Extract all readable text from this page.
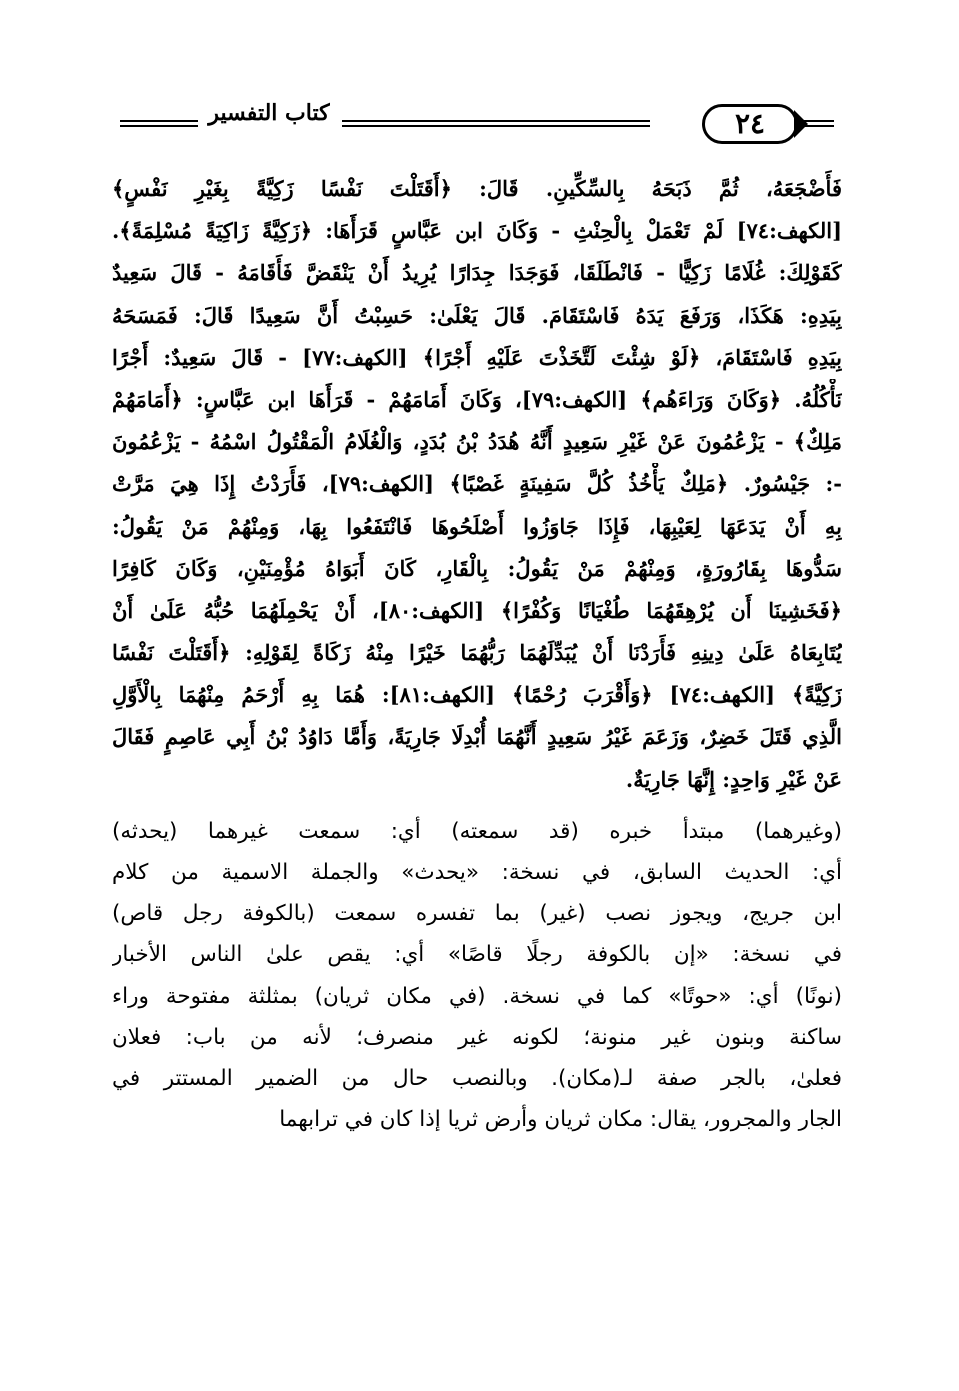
كتاب التفسير	٢٤
فَأَضْجَعَهُ، ثُمَّ ذَبَحَهُ بِالسِّكِّينِ. قَالَ: ﴿أَقَتَلْتَ نَفْسًا زَكِيَّةً بِغَيْرِ نَفْسٍ﴾
[الكهف:٧٤] لَمْ تَعْمَلْ بِالْحِنْثِ - وَكَانَ ابن عَبَّاسٍ قَرَأَهَا: ﴿زَكِيَّةً زَاكِيَةً مُسْلِمَةً﴾.
كَقَوْلِكَ: غُلَامًا زَكِيًّا - فَانْطَلَقَا، فَوَجَدَا جِدَارًا يُرِيدُ أَنْ يَنْقَضَّ فَأَقَامَهُ - قَالَ سَعِيدٌ
بِيَدِهِ: هَكَذَا، وَرَفَعَ يَدَهُ فَاسْتَقَامَ. قَالَ يَعْلَىٰ: حَسِبْتُ أَنَّ سَعِيدًا قَالَ: فَمَسَحَهُ
بِيَدِهِ فَاسْتَقَامَ، ﴿لَوْ شِئْتَ لَتَّخَذْتَ عَلَيْهِ أَجْرًا﴾ [الكهف:٧٧] - قَالَ سَعِيدٌ: أَجْرًا
نَأْكُلُهُ. ﴿وَكَانَ وَرَاءَهُم﴾ [الكهف:٧٩]، وَكَانَ أَمَامَهُمْ - قَرَأَهَا ابن عَبَّاسٍ: ﴿أَمَامَهُمْ
مَلِكٌ﴾ - يَزْعُمُونَ عَنْ غَيْرِ سَعِيدٍ أَنَّهُ هُدَدُ بْنُ بُدَدٍ، وَالْغُلَامُ الْمَقْتُولُ اسْمُهُ - يَزْعُمُونَ
-: جَيْسُورٌ. ﴿مَلِكٌ يَأْخُذُ كُلَّ سَفِينَةٍ غَصْبًا﴾ [الكهف:٧٩]، فَأَرَدْتُ إِذَا هِيَ مَرَّتْ
بِهِ أَنْ يَدَعَهَا لِعَيْبِهَا، فَإِذَا جَاوَزُوا أَصْلَحُوهَا فَانْتَفَعُوا بِهَا، وَمِنْهُمْ مَنْ يَقُولُ:
سَدُّوهَا بِقَارُورَةٍ، وَمِنْهُمْ مَنْ يَقُولُ: بِالْقَارِ، كَانَ أَبَوَاهُ مُؤْمِنَيْنِ، وَكَانَ كَافِرًا
﴿فَخَشِينَا أَن يُرْهِقَهُمَا طُغْيَانًا وَكُفْرًا﴾ [الكهف:٨٠]، أَنْ يَحْمِلَهُمَا حُبُّهُ عَلَىٰ أَنْ
يُتَابِعَاهُ عَلَىٰ دِينِهِ فَأَرَدْنَا أَنْ يُبَدِّلَهُمَا رَبُّهُمَا خَيْرًا مِنْهُ زَكَاةً لِقَوْلِهِ: ﴿أَقَتَلْتَ نَفْسًا
زَكِيَّةً﴾ [الكهف:٧٤] ﴿وَأَقْرَبَ رُحْمًا﴾ [الكهف:٨١]: هُمَا بِهِ أَرْحَمُ مِنْهُمَا بِالْأَوَّلِ
الَّذِي قَتَلَ خَضِرٌ، وَزَعَمَ غَيْرُ سَعِيدٍ أَنَّهُمَا أُبْدِلَا جَارِيَةً، وَأَمَّا دَاوُدُ بْنُ أَبِي عَاصِمٍ فَقَالَ
عَنْ غَيْرِ وَاحِدٍ: إِنَّهَا جَارِيَةٌ.
(وغيرهما) مبتدأ خبره (قد سمعته) أي: سمعت غيرهما (يحدثه)
أي: الحديث السابق، في نسخة: «يحدث» والجملة الاسمية من كلام
ابن جريج، ويجوز نصب (غير) بما تفسره سمعت (بالكوفة رجل قاص)
في نسخة: «إن بالكوفة رجلًا قاصًا» أي: يقص علىٰ الناس الأخبار
(نونًا) أي: «حوتًا» كما في نسخة. (في مكان ثريان) بمثلثة مفتوحة وراء
ساكنة وبنون غير منونة؛ لكونه غير منصرف؛ لأنه من باب: فعلان
فعلىٰ، بالجر صفة لـ(مكان). وبالنصب حال من الضمير المستتر في
الجار والمجرور، يقال: مكان ثريان وأرض ثريا إذا كان في ترابهما
